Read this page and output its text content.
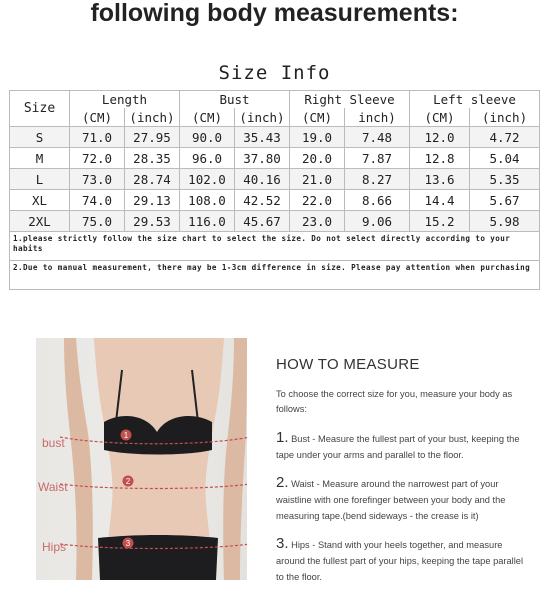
following body measurements:
Size Info
Size	Length		Bust		Right Sleeve		Left sleeve	
	(CM)	(inch)	(CM)	(inch)	(CM)	inch)	(CM)	(inch)
S	71.0	27.95	90.0	35.43	19.0	7.48	12.0	4.72
M	72.0	28.35	96.0	37.80	20.0	7.87	12.8	5.04
L	73.0	28.74	102.0	40.16	21.0	8.27	13.6	5.35
XL	74.0	29.13	108.0	42.52	22.0	8.66	14.4	5.67
2XL	75.0	29.53	116.0	45.67	23.0	9.06	15.2	5.98
1.please strictly follow the size chart to select the size. Do not select directly according to your habits								
2.Due to manual measurement, there may be 1-3cm difference in size. Please pay attention when purchasing								
1
2
3
bust
Waist
Hips
HOW TO MEASURE
To choose the correct size for you, measure your body as follows:
1. Bust - Measure the fullest part of your bust, keeping the tape under your arms and parallel to the floor.
2. Waist - Measure around the narrowest part of your waistline with one forefinger between your body and the measuring tape.(bend sideways - the crease is it)
3. Hips - Stand with your heels together, and measure around the fullest part of your hips, keeping the tape parallel to the floor.
